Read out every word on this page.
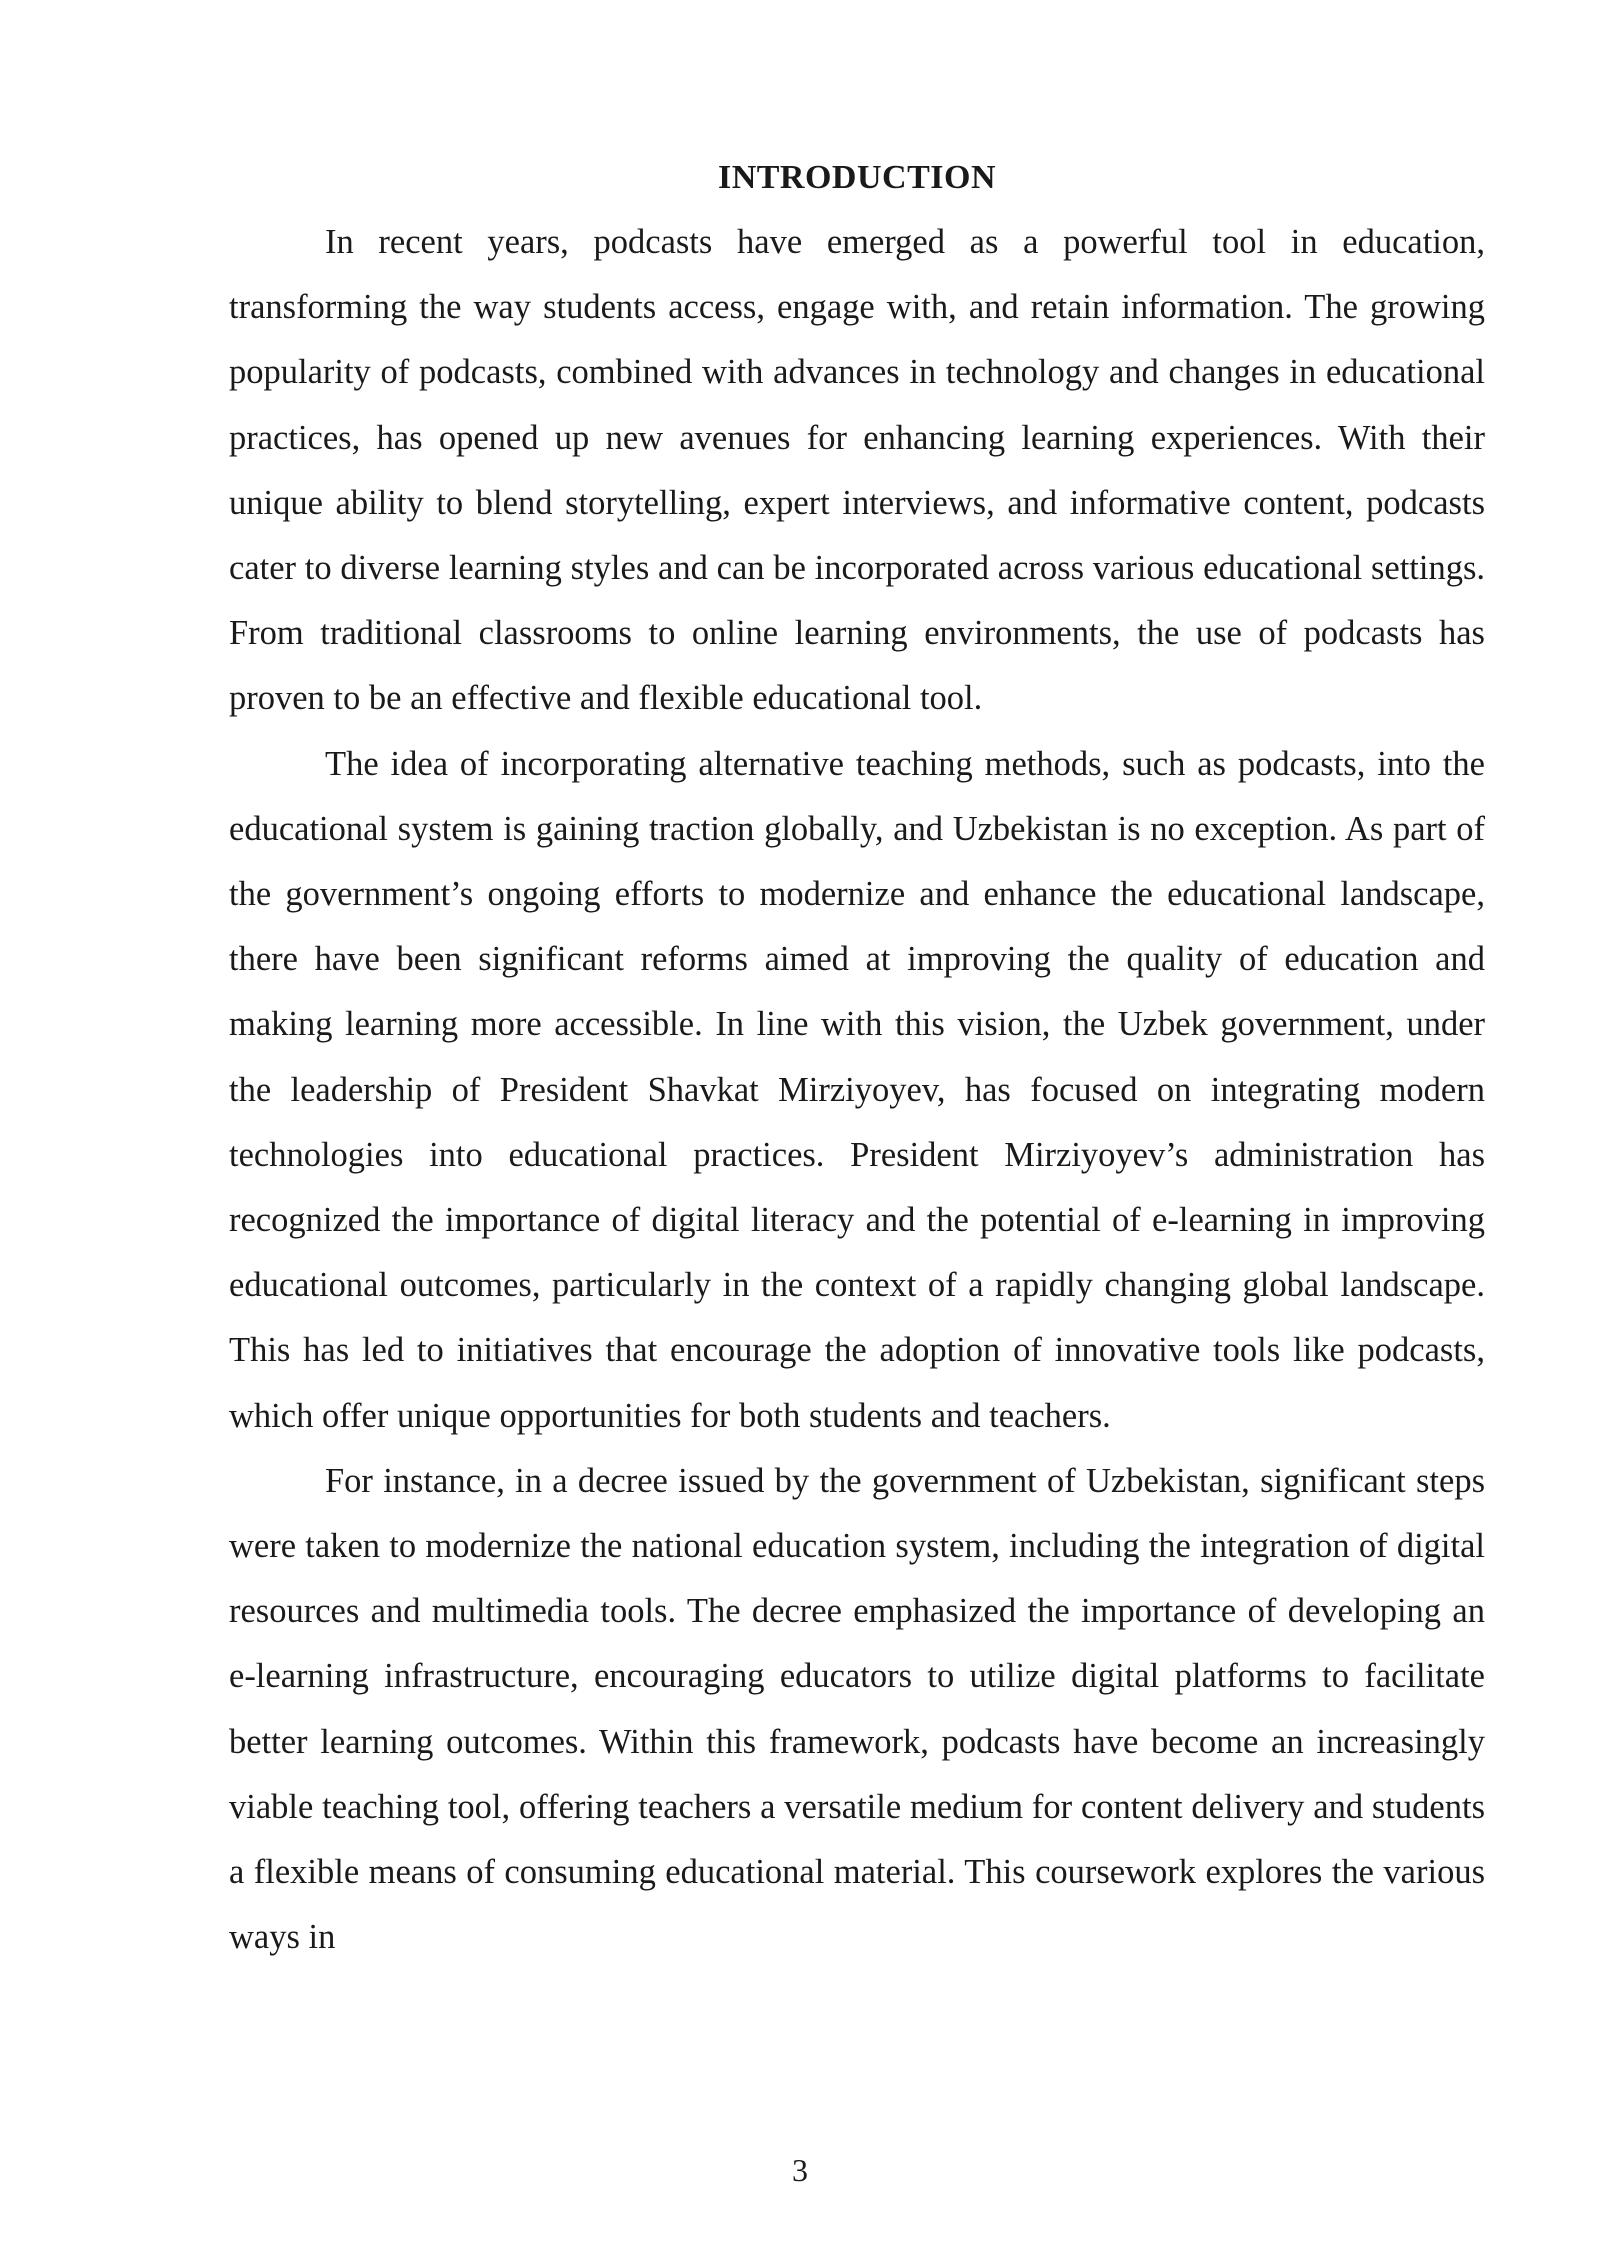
INTRODUCTION

In recent years, podcasts have emerged as a powerful tool in education, transforming the way students access, engage with, and retain information. The growing popularity of podcasts, combined with advances in technology and changes in educational practices, has opened up new avenues for enhancing learning experiences. With their unique ability to blend storytelling, expert interviews, and informative content, podcasts cater to diverse learning styles and can be incorporated across various educational settings. From traditional classrooms to online learning environments, the use of podcasts has proven to be an effective and flexible educational tool.

The idea of incorporating alternative teaching methods, such as podcasts, into the educational system is gaining traction globally, and Uzbekistan is no exception. As part of the government’s ongoing efforts to modernize and enhance the educational landscape, there have been significant reforms aimed at improving the quality of education and making learning more accessible. In line with this vision, the Uzbek government, under the leadership of President Shavkat Mirziyoyev, has focused on integrating modern technologies into educational practices. President Mirziyoyev’s administration has recognized the importance of digital literacy and the potential of e-learning in improving educational outcomes, particularly in the context of a rapidly changing global landscape. This has led to initiatives that encourage the adoption of innovative tools like podcasts, which offer unique opportunities for both students and teachers.

For instance, in a decree issued by the government of Uzbekistan, significant steps were taken to modernize the national education system, including the integration of digital resources and multimedia tools. The decree emphasized the importance of developing an e-learning infrastructure, encouraging educators to utilize digital platforms to facilitate better learning outcomes. Within this framework, podcasts have become an increasingly viable teaching tool, offering teachers a versatile medium for content delivery and students a flexible means of consuming educational material. This coursework explores the various ways in

3
